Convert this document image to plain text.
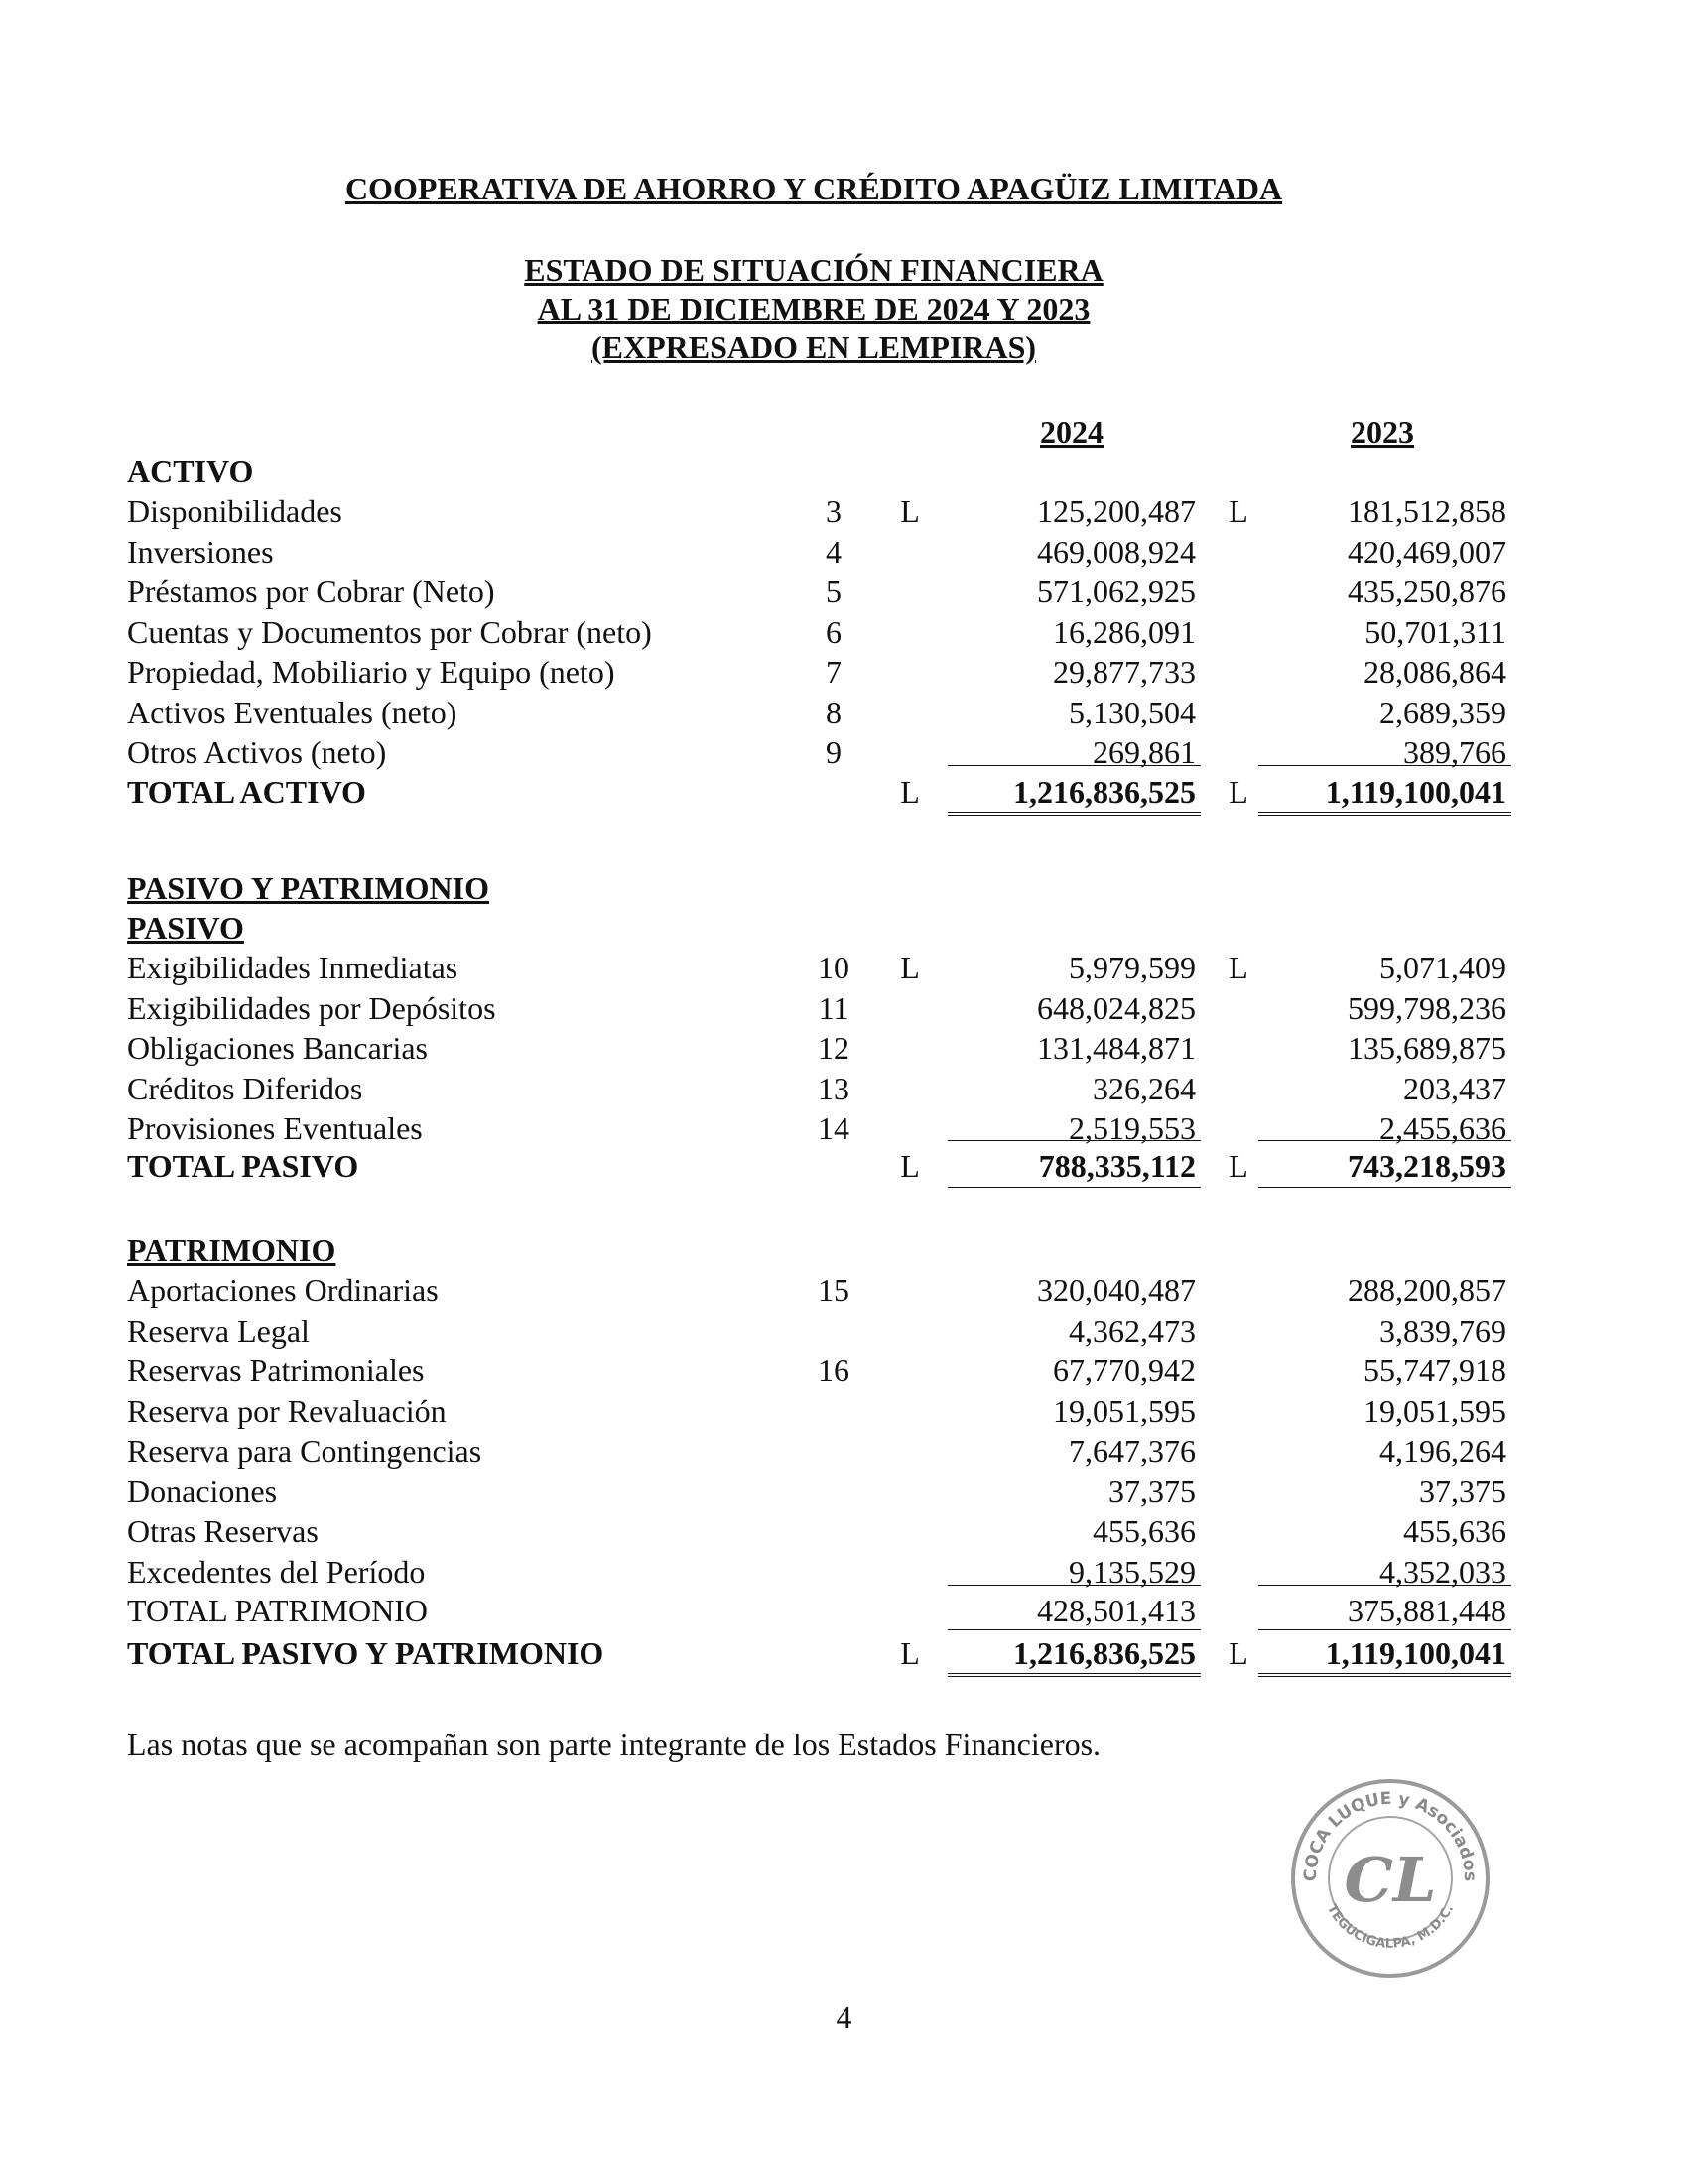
COOPERATIVA DE AHORRO Y CRÉDITO APAGÜIZ LIMITADA
ESTADO DE SITUACIÓN FINANCIERA
AL 31 DE DICIEMBRE DE 2024 Y 2023
(EXPRESADO EN LEMPIRAS)
2024	2023
ACTIVO
Disponibilidades	3	L	125,200,487 L	181,512,858
Inversiones	4	469,008,924	420,469,007
Préstamos por Cobrar (Neto)	5	571,062,925	435,250,876
Cuentas y Documentos por Cobrar (neto)	6	16,286,091	50,701,311
Propiedad, Mobiliario y Equipo (neto)	7	29,877,733	28,086,864
Activos Eventuales (neto)	8	5,130,504	2,689,359
Otros Activos (neto)	9	269,861	389,766
TOTAL ACTIVO	L	1,216,836,525 L	1,119,100,041
PASIVO Y PATRIMONIO
PASIVO
Exigibilidades Inmediatas	10	L	5,979,599 L	5,071,409
Exigibilidades por Depósitos	11	648,024,825	599,798,236
Obligaciones Bancarias	12	131,484,871	135,689,875
Créditos Diferidos	13	326,264	203,437
Provisiones Eventuales	14	2,519,553	2,455,636
TOTAL PASIVO	L	788,335,112 L	743,218,593
PATRIMONIO
Aportaciones Ordinarias	15	320,040,487	288,200,857
Reserva Legal	4,362,473	3,839,769
Reservas Patrimoniales	16	67,770,942	55,747,918
Reserva por Revaluación	19,051,595	19,051,595
Reserva para Contingencias	7,647,376	4,196,264
Donaciones	37,375	37,375
Otras Reservas	455,636	455,636
Excedentes del Período	9,135,529	4,352,033
TOTAL PATRIMONIO	428,501,413	375,881,448
TOTAL PASIVO Y PATRIMONIO	L	1,216,836,525 L	1,119,100,041
Las notas que se acompañan son parte integrante de los Estados Financieros.
COCA LUQUE y Asociados
TEGUCIGALPA, M.D.C.
CL
4
